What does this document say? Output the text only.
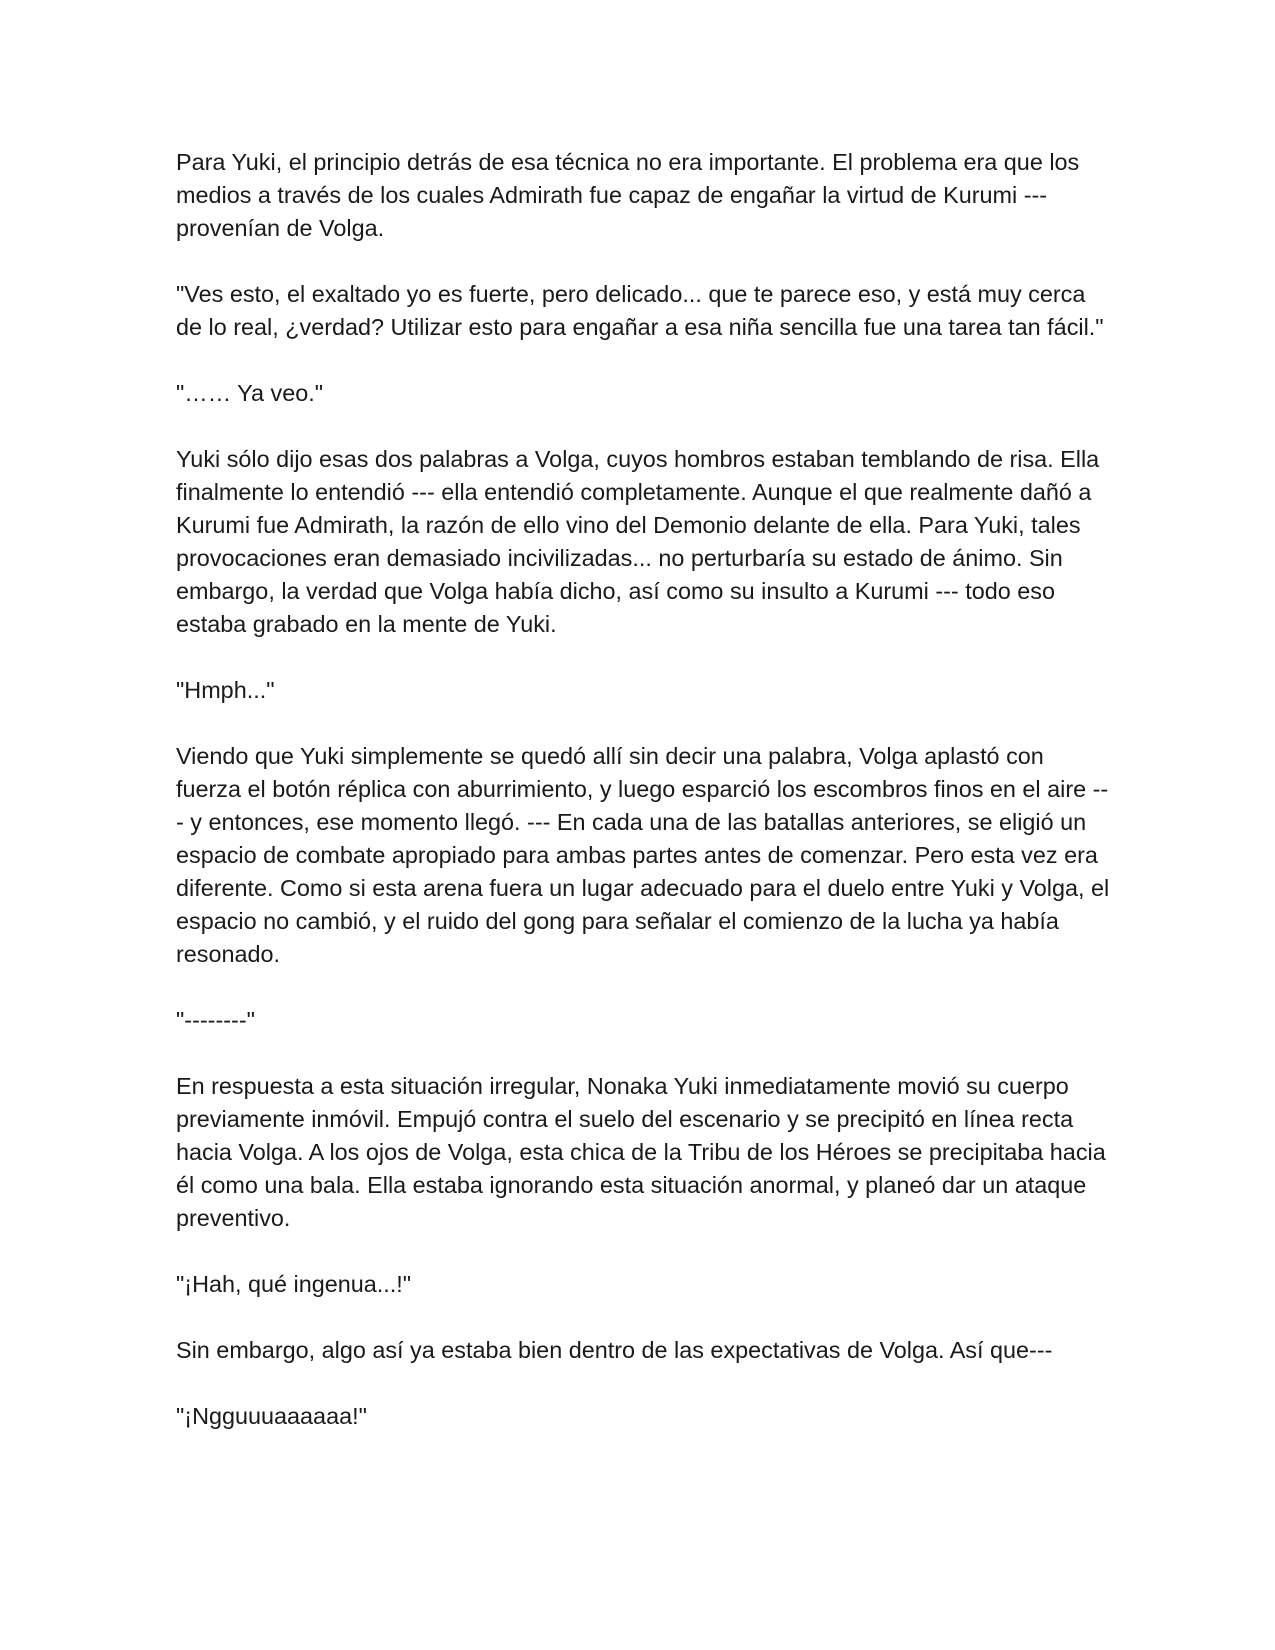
Para Yuki, el principio detrás de esa técnica no era importante. El problema era que los medios a través de los cuales Admirath fue capaz de engañar la virtud de Kurumi --- provenían de Volga.

"Ves esto, el exaltado yo es fuerte, pero delicado... que te parece eso, y está muy cerca de lo real, ¿verdad? Utilizar esto para engañar a esa niña sencilla fue una tarea tan fácil."

"…… Ya veo."

Yuki sólo dijo esas dos palabras a Volga, cuyos hombros estaban temblando de risa. Ella finalmente lo entendió --- ella entendió completamente. Aunque el que realmente dañó a Kurumi fue Admirath, la razón de ello vino del Demonio delante de ella. Para Yuki, tales provocaciones eran demasiado incivilizadas... no perturbaría su estado de ánimo. Sin embargo, la verdad que Volga había dicho, así como su insulto a Kurumi --- todo eso estaba grabado en la mente de Yuki.

"Hmph..."

Viendo que Yuki simplemente se quedó allí sin decir una palabra, Volga aplastó con fuerza el botón réplica con aburrimiento, y luego esparció los escombros finos en el aire --- y entonces, ese momento llegó. --- En cada una de las batallas anteriores, se eligió un espacio de combate apropiado para ambas partes antes de comenzar. Pero esta vez era diferente. Como si esta arena fuera un lugar adecuado para el duelo entre Yuki y Volga, el espacio no cambió, y el ruido del gong para señalar el comienzo de la lucha ya había resonado.

"--------"

En respuesta a esta situación irregular, Nonaka Yuki inmediatamente movió su cuerpo previamente inmóvil. Empujó contra el suelo del escenario y se precipitó en línea recta hacia Volga. A los ojos de Volga, esta chica de la Tribu de los Héroes se precipitaba hacia él como una bala. Ella estaba ignorando esta situación anormal, y planeó dar un ataque preventivo.

"¡Hah, qué ingenua...!"

Sin embargo, algo así ya estaba bien dentro de las expectativas de Volga. Así que---

"¡Ngguuuaaaaaa!"
